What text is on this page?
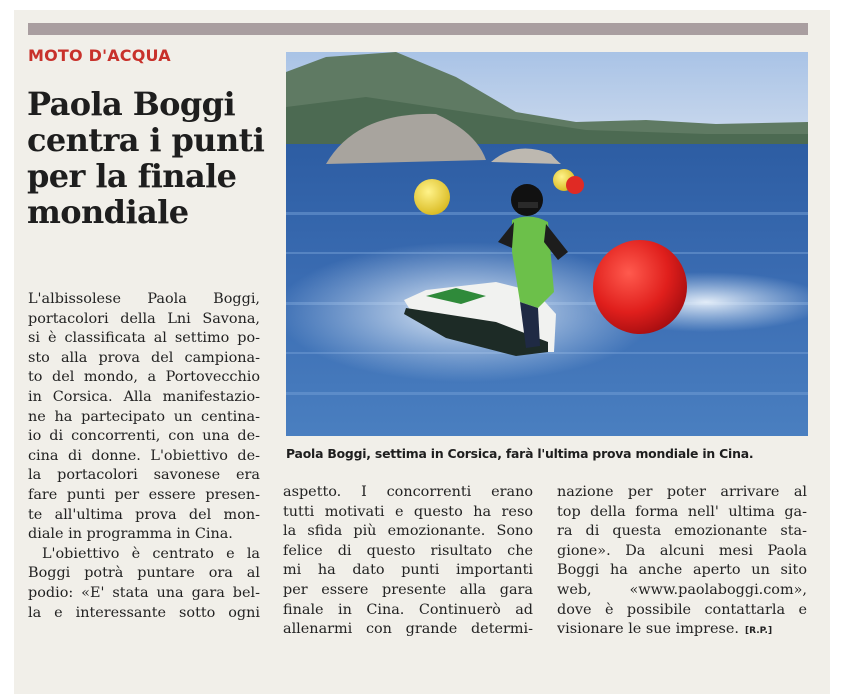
MOTO D'ACQUA
Paola Boggi
centra i punti
per la finale
mondiale
Paola Boggi, settima in Corsica, farà l'ultima prova mondiale in Cina.
L'albissolese Paola Boggi,
portacolori della Lni Savona,
si è classificata al settimo po-
sto alla prova del campiona-
to del mondo, a Portovecchio
in Corsica. Alla manifestazio-
ne ha partecipato un centina-
io di concorrenti, con una de-
cina di donne. L'obiettivo de-
la portacolori savonese era
fare punti per essere presen-
te all'ultima prova del mon-
diale in programma in Cina.
L'obiettivo è centrato e la
Boggi potrà puntare ora al
podio: «E' stata una gara bel-
la e interessante sotto ogni
aspetto. I concorrenti erano
tutti motivati e questo ha reso
la sfida più emozionante. Sono
felice di questo risultato che
mi ha dato punti importanti
per essere presente alla gara
finale in Cina. Continuerò ad
allenarmi con grande determi-
nazione per poter arrivare al
top della forma nell' ultima ga-
ra di questa emozionante sta-
gione». Da alcuni mesi Paola
Boggi ha anche aperto un sito
web, «www.paolaboggi.com»,
dove è possibile contattarla e
visionare le sue imprese. [R.P.]
